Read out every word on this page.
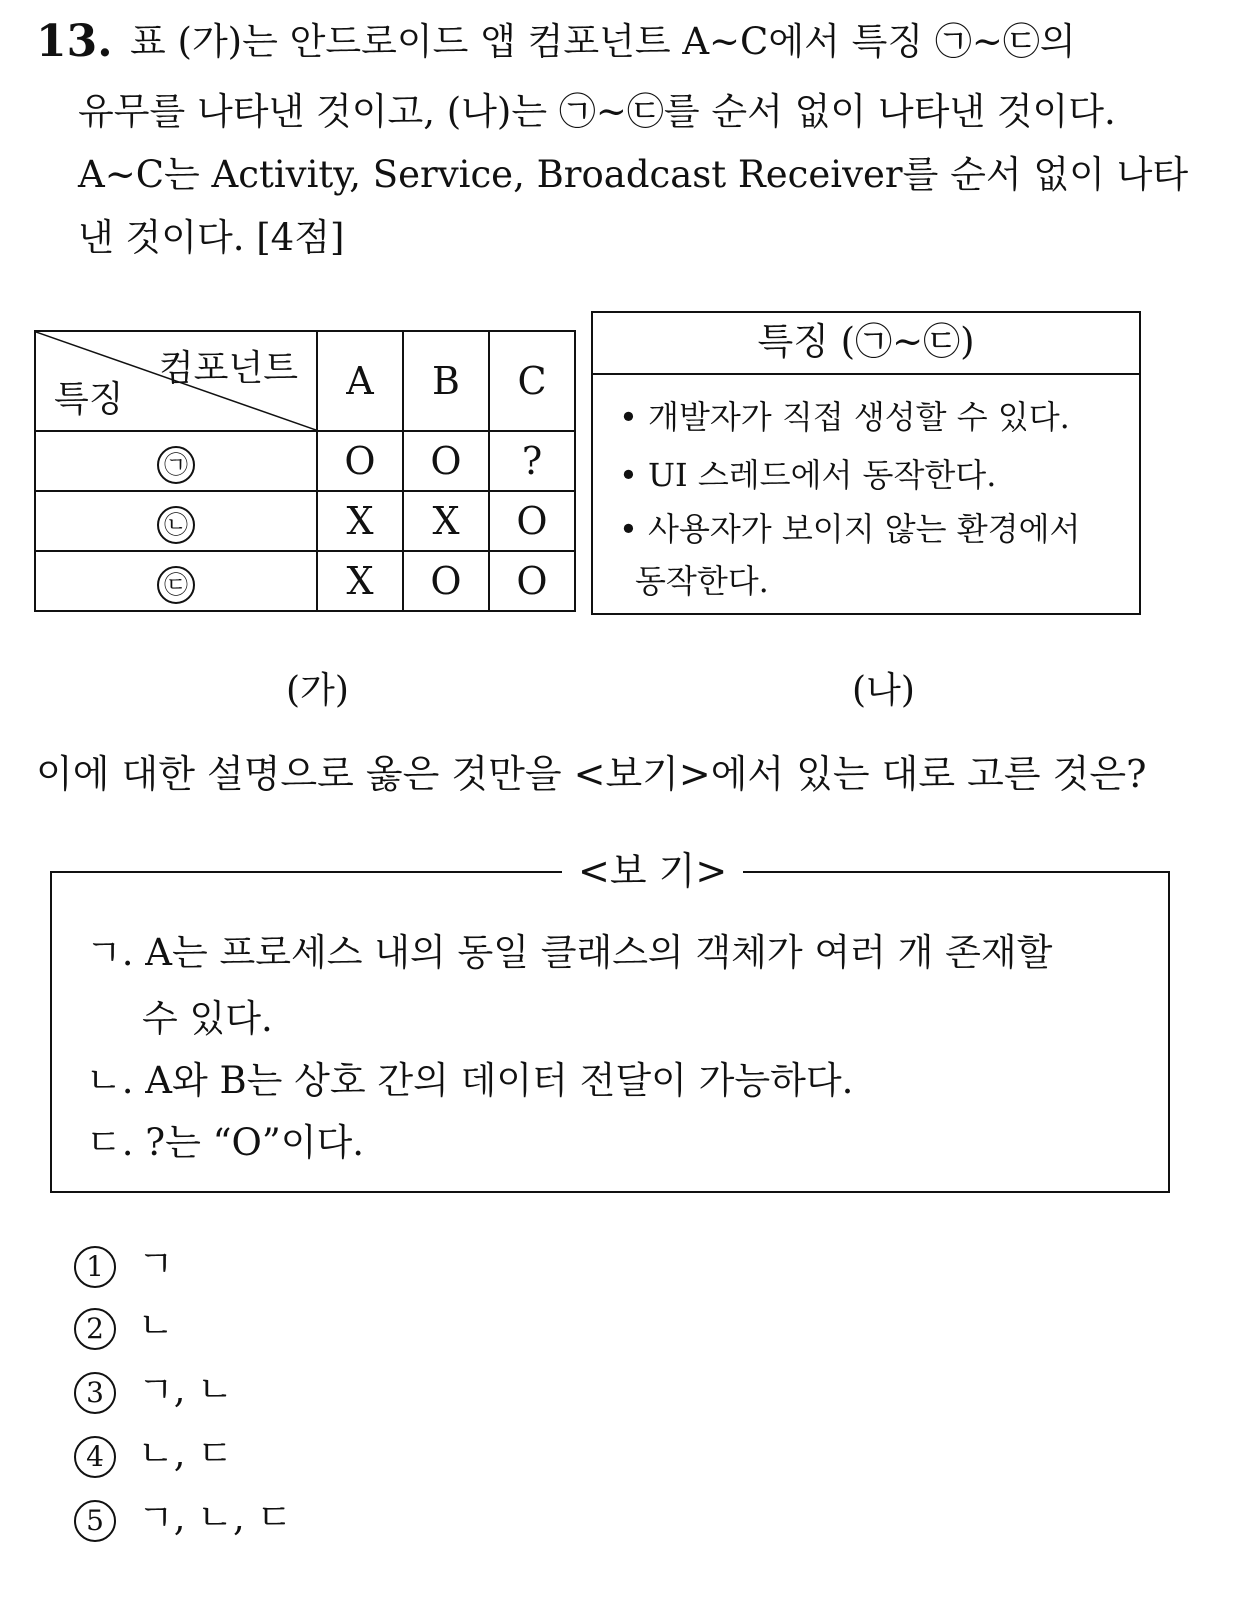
13. 표 (가)는 안드로이드 앱 컴포넌트 A~C에서 특징 ㉠~㉢의
유무를 나타낸 것이고, (나)는 ㉠~㉢를 순서 없이 나타낸 것이다.
A~C는 Activity, Service, Broadcast Receiver를 순서 없이 나타
낸 것이다. [4점]
컴포넌트
특징	A	B	C
㉠	O	O	?
㉡	X	X	O
㉢	X	O	O
특징 (㉠~㉢)
• 개발자가 직접 생성할 수 있다.
• UI 스레드에서 동작한다.
• 사용자가 보이지 않는 환경에서
동작한다.
(가)	(나)
이에 대한 설명으로 옳은 것만을 <보기>에서 있는 대로 고른 것은?
<보 기>
ㄱ. A는 프로세스 내의 동일 클래스의 객체가 여러 개 존재할
수 있다.
ㄴ. A와 B는 상호 간의 데이터 전달이 가능하다.
ㄷ. ?는 “O”이다.
1 ㄱ
2 ㄴ
3 ㄱ, ㄴ
4 ㄴ, ㄷ
5 ㄱ, ㄴ, ㄷ
